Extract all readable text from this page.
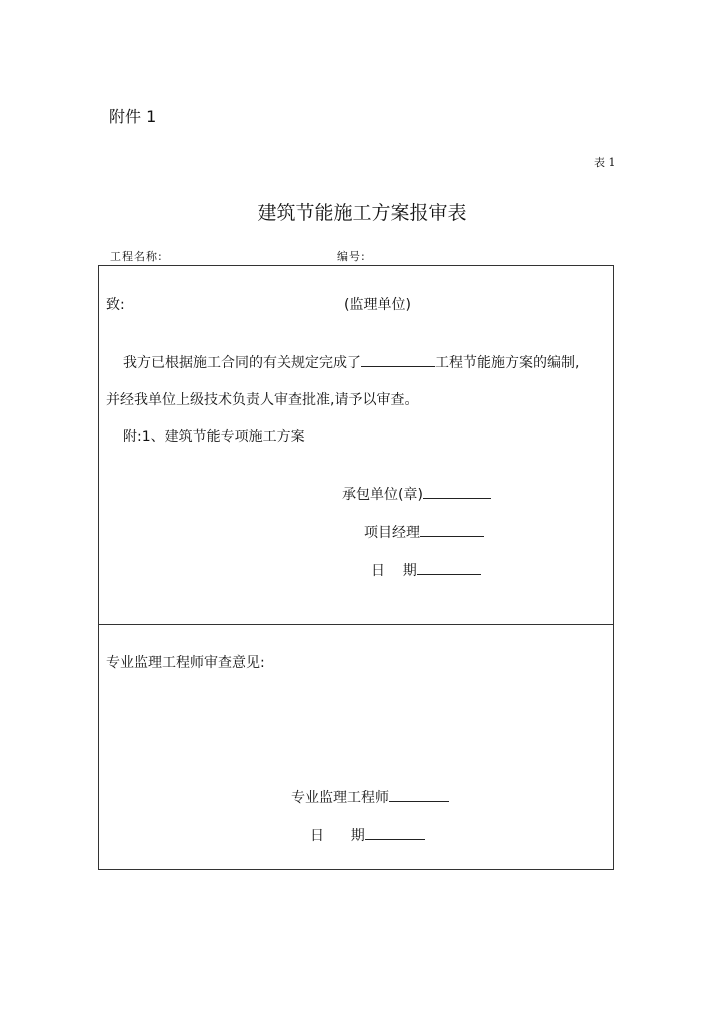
附件 1
表 1
建筑节能施工方案报审表
工程名称:	编号:
致:	(监理单位)
我方已根据施工合同的有关规定完成了	工程节能施方案的编制,
并经我单位上级技术负责人审查批准,请予以审查。
附:1、建筑节能专项施工方案
承包单位(章)
项目经理
日    期
专业监理工程师审查意见:
专业监理工程师
日      期
